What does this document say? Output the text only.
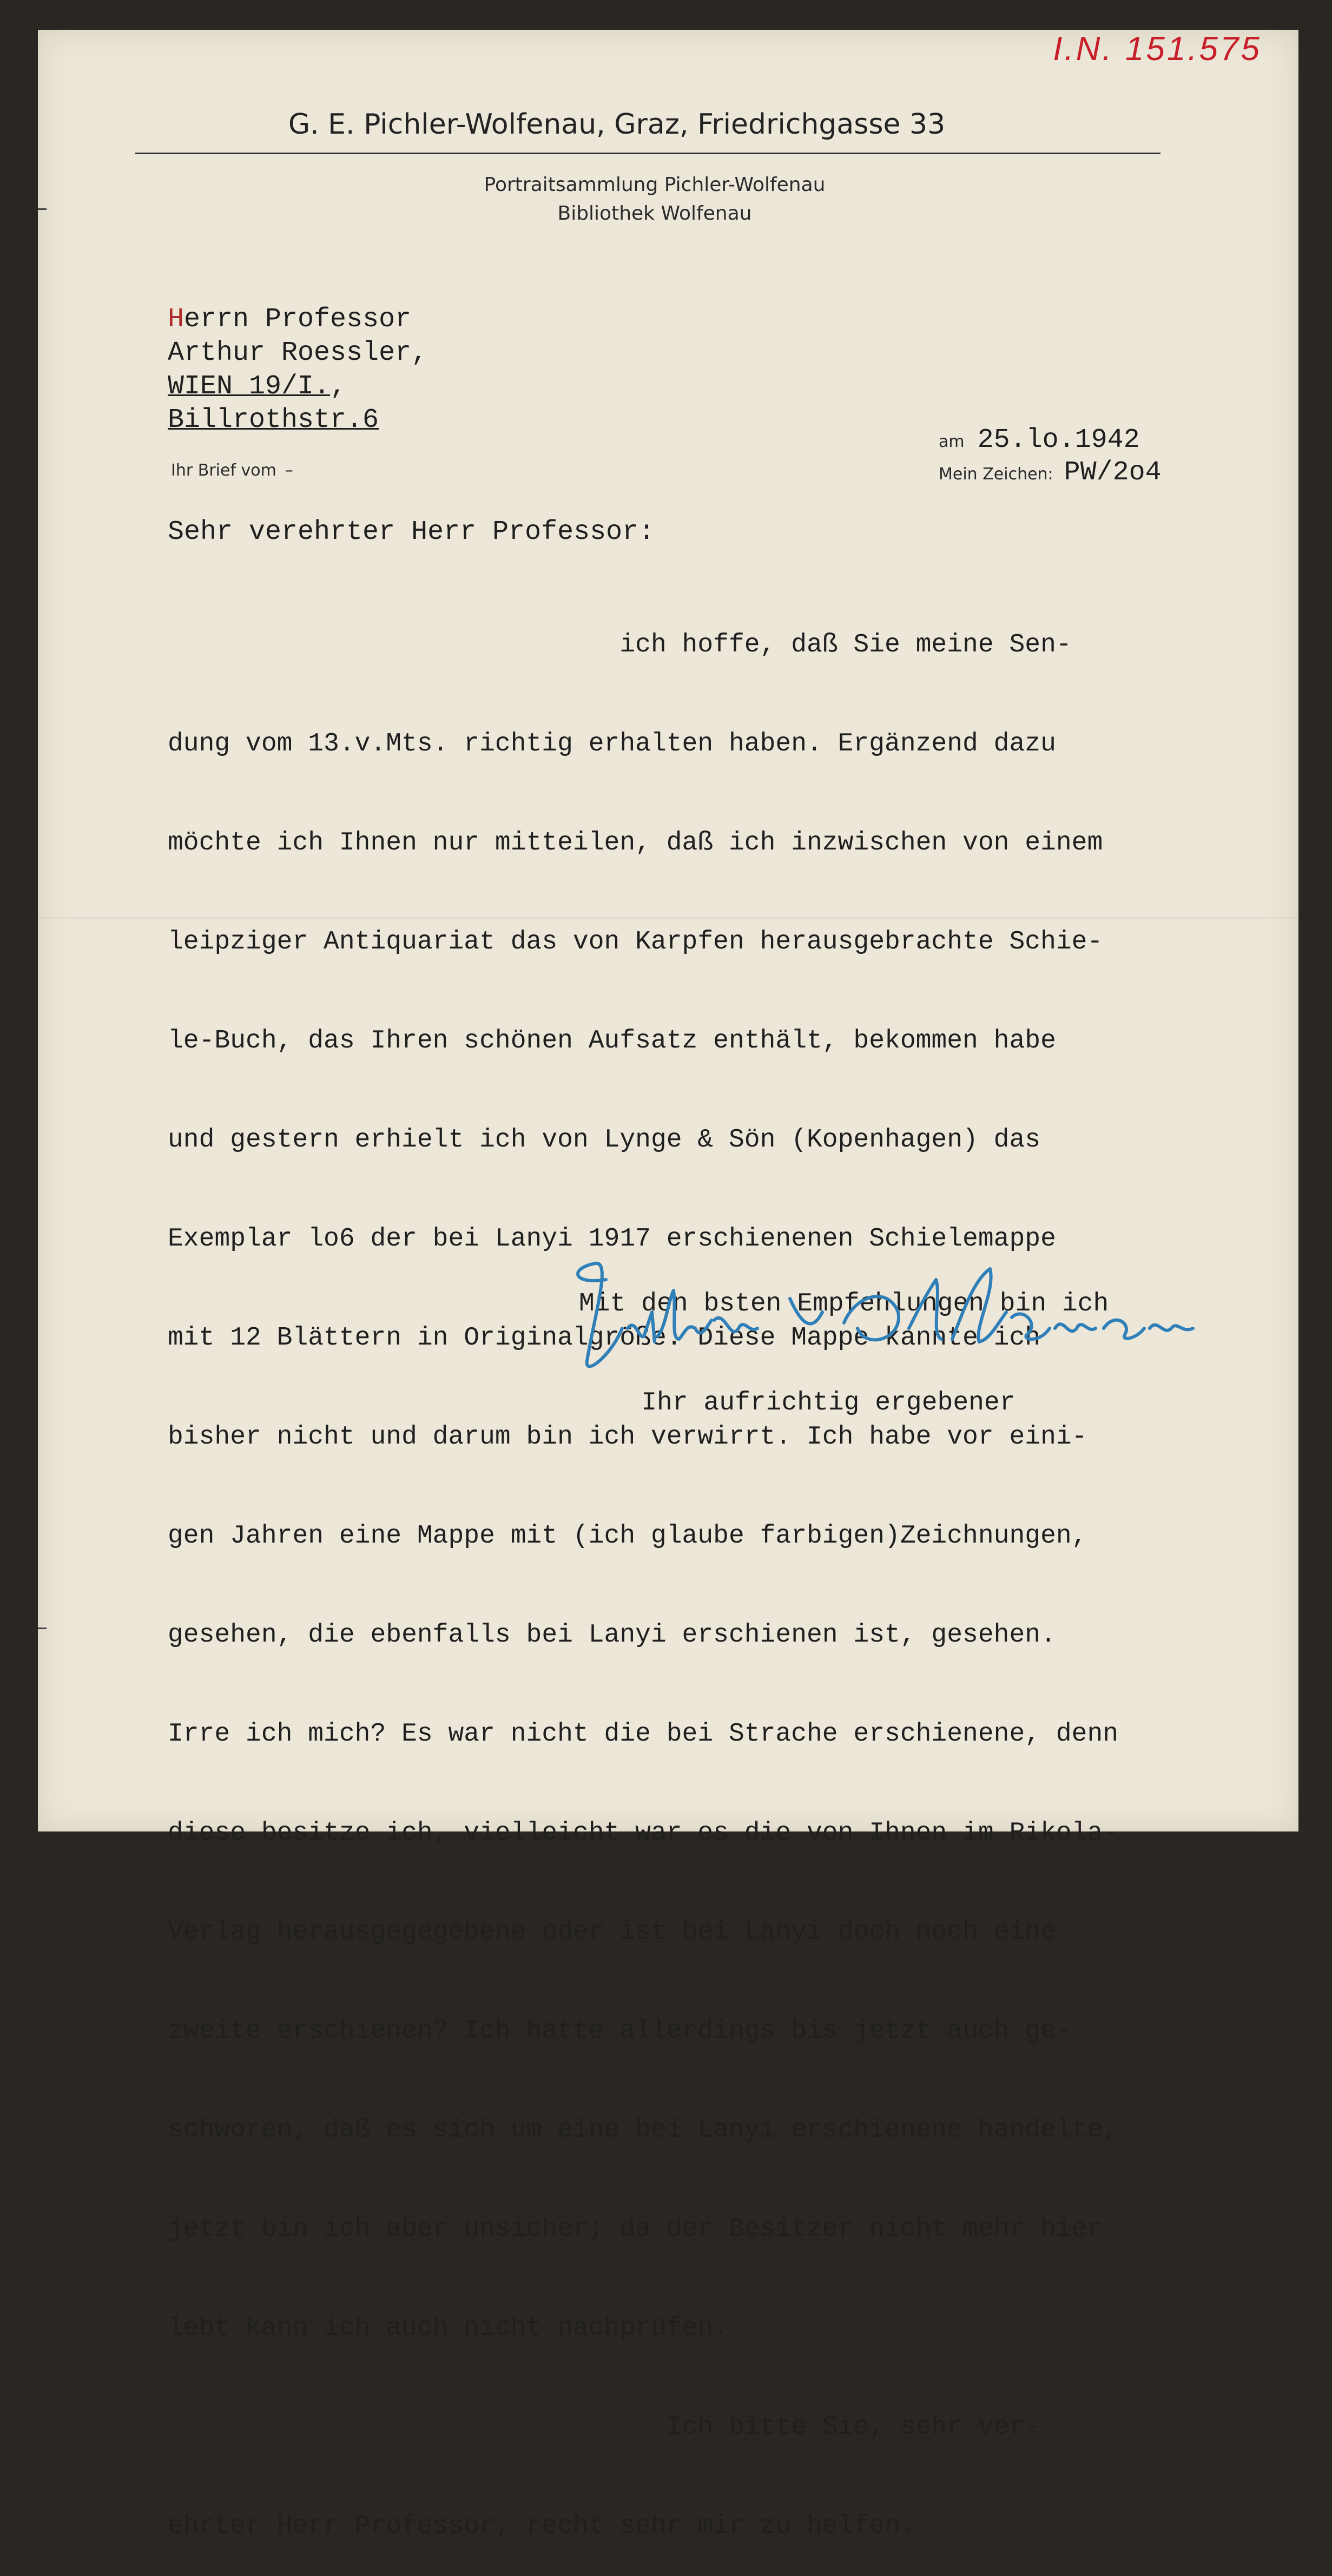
I.N. 151.575
G. E. Pichler-Wolfenau, Graz, Friedrichgasse 33
Portraitsammlung Pichler-Wolfenau
Bibliothek Wolfenau
Herrn Professor
Arthur Roessler,
WIEN 19/I.,
Billrothstr.6
Ihr Brief vom –
am 25.lo.1942
Mein Zeichen: PW/2o4
Sehr verehrter Herr Professor:

ich hoffe, daß Sie meine Sen-

dung vom 13.v.Mts. richtig erhalten haben. Ergänzend dazu

möchte ich Ihnen nur mitteilen, daß ich inzwischen von einem

leipziger Antiquariat das von Karpfen herausgebrachte Schie-

le-Buch, das Ihren schönen Aufsatz enthält, bekommen habe

und gestern erhielt ich von Lynge & Sön (Kopenhagen) das

Exemplar lo6 der bei Lanyi 1917 erschienenen Schielemappe

mit 12 Blättern in Originalgröße. Diese Mappe kannte ich

bisher nicht und darum bin ich verwirrt. Ich habe vor eini-

gen Jahren eine Mappe mit (ich glaube farbigen)Zeichnungen,

gesehen, die ebenfalls bei Lanyi erschienen ist, gesehen.

Irre ich mich? Es war nicht die bei Strache erschienene, denn

diese besitze ich, vielleicht war es die von Ihnen im Rikola-

Verlag herausgegegebene oder ist bei Lanyi doch noch eine

zweite erschienen? Ich hätte allerdings bis jetzt auch ge-

schworen, daß es sich um eine bei Lanyi erschienene handelte,

jetzt bin ich aber unsicher; da der Besitzer nicht mehr hier

lebt kann ich auch nicht nachprüfen.

Ich bitte Sie, sehr ver-

ehrter Herr Professor, recht sehr mir zu helfen.

Mit den bsten Empfehlungen bin ich

Ihr aufrichtig ergebener
